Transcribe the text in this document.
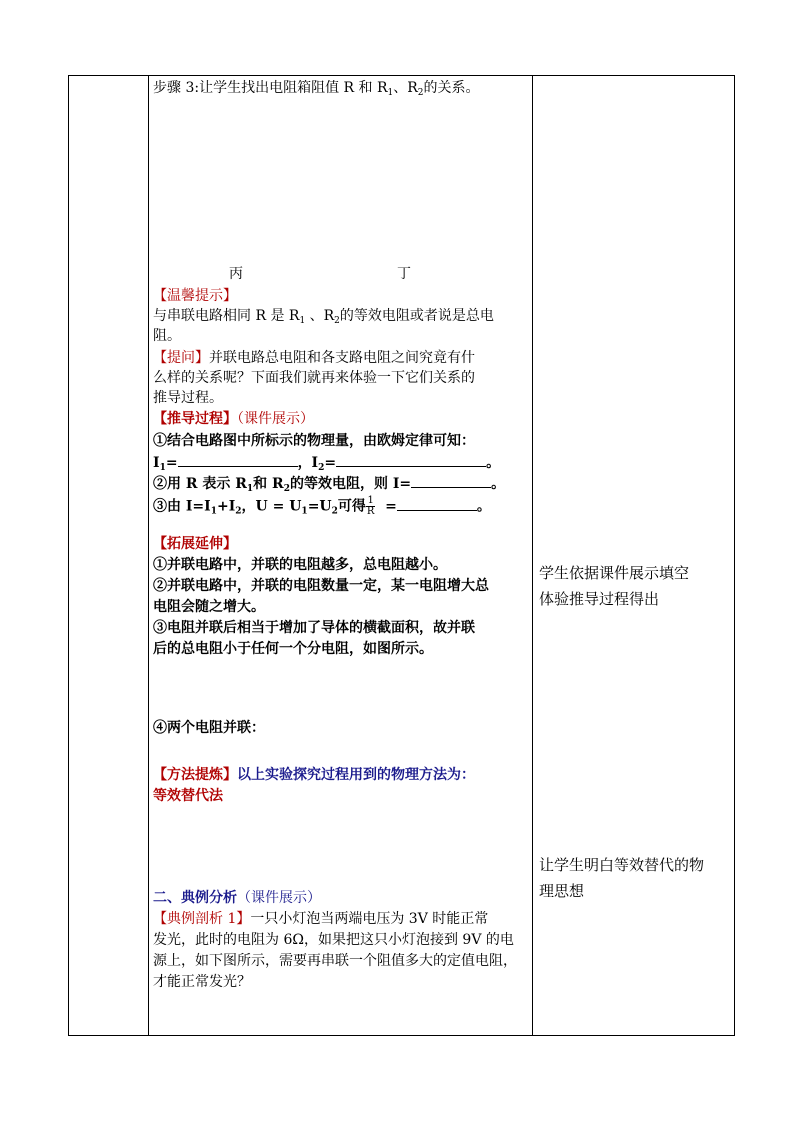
步骤 3:让学生找出电阻箱阻值 R 和 $R_1$、$R_2$的关系。
丙	丁
【温馨提示】
与串联电路相同 R 是 $R_1$ 、$R_2$的等效电阻或者说是总电
阻。
【提问】并联电路总电阻和各支路电阻之间究竟有什
么样的关系呢？下面我们就再来体验一下它们关系的
推导过程。
【推导过程】（课件展示）
①结合电路图中所标示的物理量，由欧姆定律可知：
$I_1=$	，$I_2=$	。
②用 R 表示 $R_1$和 $R_2$的等效电阻，则 I=	。
③由 $I=I_1+I_2$，$U = U_1=U_2$可得 $\frac{1}{R}$ =	。
【拓展延伸】
①并联电路中，并联的电阻越多，总电阻越小。
②并联电路中，并联的电阻数量一定，某一电阻增大总
电阻会随之增大。
③电阻并联后相当于增加了导体的横截面积，故并联
后的总电阻小于任何一个分电阻，如图所示。
④两个电阻并联：
【方法提炼】以上实验探究过程用到的物理方法为：
等效替代法
二、典例分析（课件展示）
【典例剖析 1】一只小灯泡当两端电压为 3V 时能正常
发光，此时的电阻为 6Ω，如果把这只小灯泡接到 9V 的电
源上，如下图所示，需要再串联一个阻值多大的定值电阻，
才能正常发光？
学生依据课件展示填空
体验推导过程得出
让学生明白等效替代的物
理思想
